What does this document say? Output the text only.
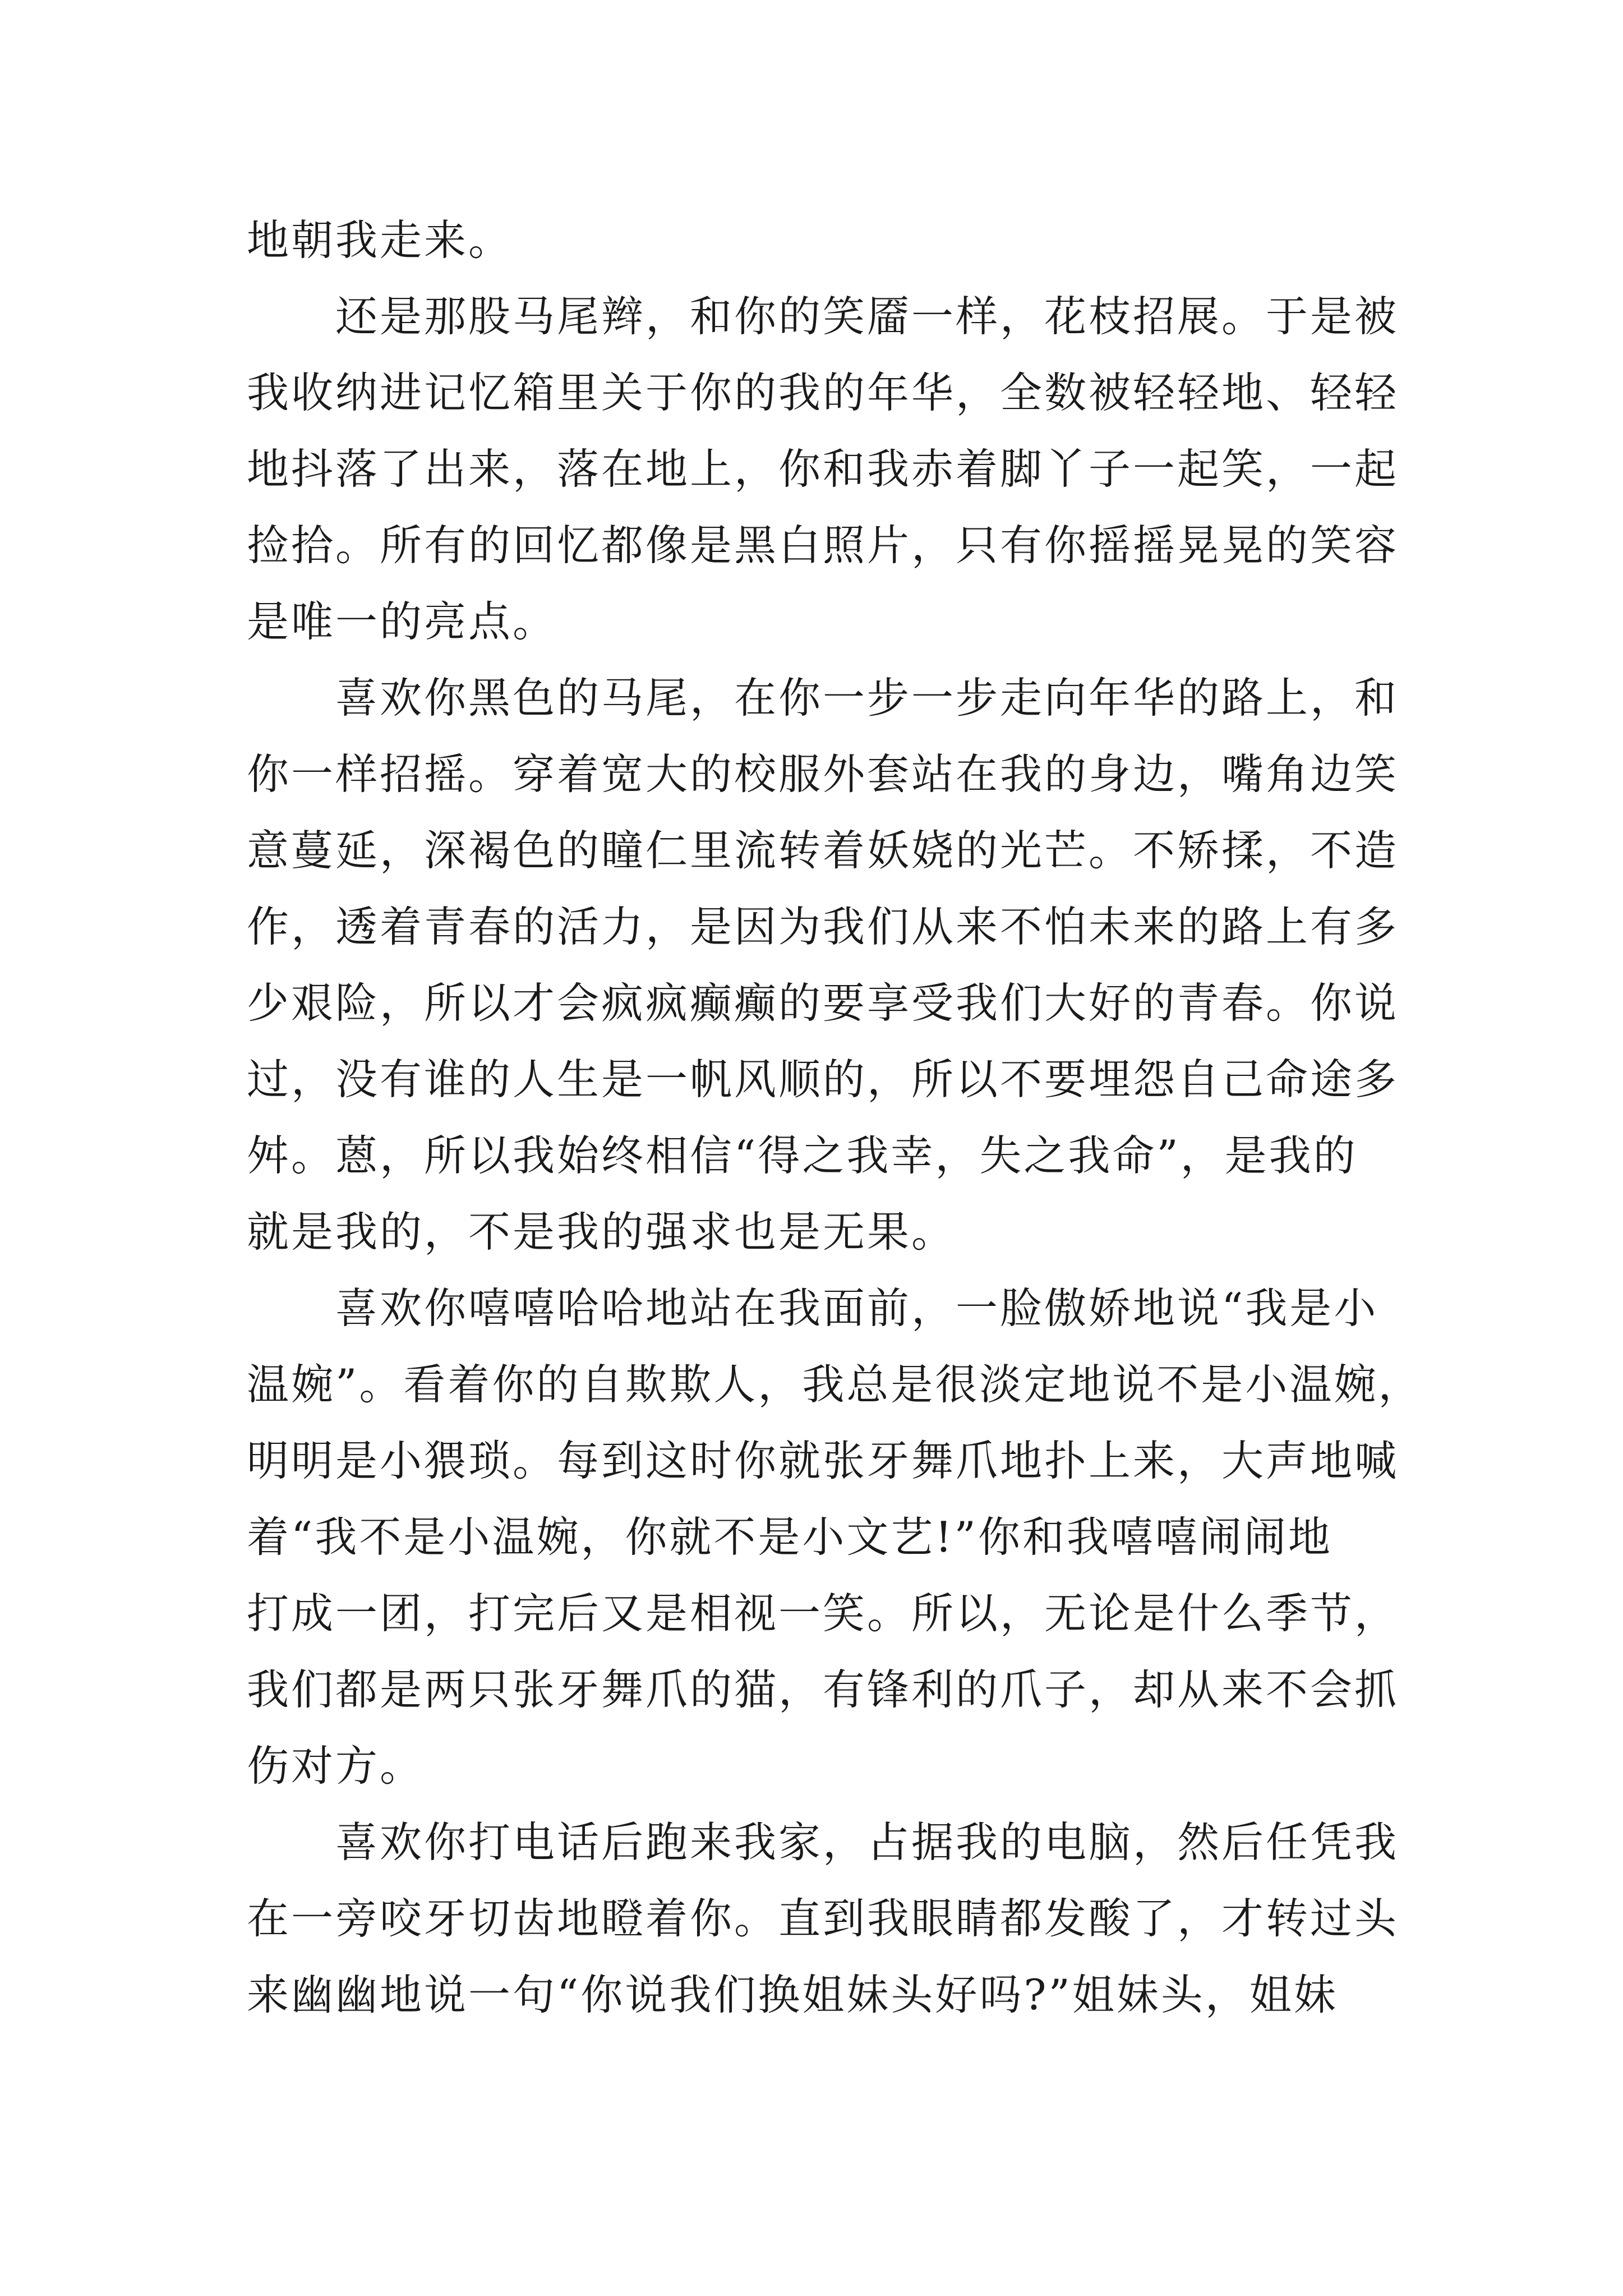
地朝我走来。
　　还是那股马尾辫，和你的笑靥一样，花枝招展。于是被
我收纳进记忆箱里关于你的我的年华，全数被轻轻地、轻轻
地抖落了出来，落在地上，你和我赤着脚丫子一起笑，一起
捡拾。所有的回忆都像是黑白照片，只有你摇摇晃晃的笑容
是唯一的亮点。
　　喜欢你黑色的马尾，在你一步一步走向年华的路上，和
你一样招摇。穿着宽大的校服外套站在我的身边，嘴角边笑
意蔓延，深褐色的瞳仁里流转着妖娆的光芒。不矫揉，不造
作，透着青春的活力，是因为我们从来不怕未来的路上有多
少艰险，所以才会疯疯癫癫的要享受我们大好的青春。你说
过，没有谁的人生是一帆风顺的，所以不要埋怨自己命途多
舛。蒽，所以我始终相信“得之我幸，失之我命”，是我的
就是我的，不是我的强求也是无果。
　　喜欢你嘻嘻哈哈地站在我面前，一脸傲娇地说“我是小
温婉”。看着你的自欺欺人，我总是很淡定地说不是小温婉，
明明是小猥琐。每到这时你就张牙舞爪地扑上来，大声地喊
着“我不是小温婉，你就不是小文艺!”你和我嘻嘻闹闹地
打成一团，打完后又是相视一笑。所以，无论是什么季节，
我们都是两只张牙舞爪的猫，有锋利的爪子，却从来不会抓
伤对方。
　　喜欢你打电话后跑来我家，占据我的电脑，然后任凭我
在一旁咬牙切齿地瞪着你。直到我眼睛都发酸了，才转过头
来幽幽地说一句“你说我们换姐妹头好吗?”姐妹头，姐妹
